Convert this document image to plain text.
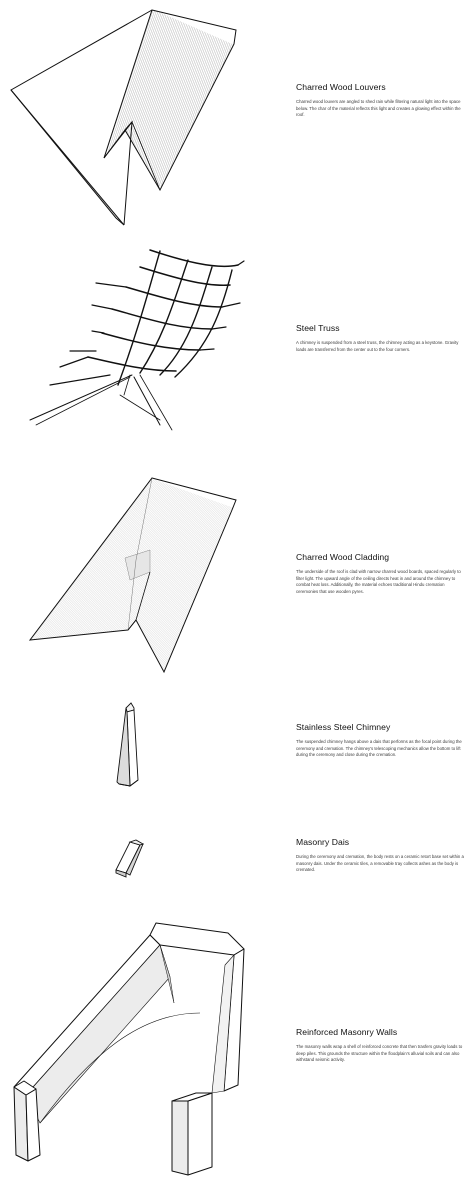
Charred Wood Louvers

Charred wood louvers are angled to shed rain while filtering natural light into the space below. The char of the material reflects this light and creates a glowing effect within the roof.

Steel Truss

A chimney is suspended from a steel truss, the chimney acting as a keystone. Gravity loads are transferred from the center out to the four corners.

Charred Wood Cladding

The underside of the roof is clad with narrow charred wood boards, spaced regularly to filter light. The upward angle of the ceiling directs heat in and around the chimney to combat heat loss. Additionally, the material echoes traditional Hindu cremation ceremonies that use wooden pyres.

Stainless Steel Chimney

The suspended chimney hangs above a dais that performs as the focal point during the ceremony and cremation. The chimney's telescoping mechanics allow the bottom to lift during the ceremony and close during the cremation.

Masonry Dais

During the ceremony and cremation, the body rests on a ceramic retort base set within a masonry dais. Under the ceramic tiles, a removable tray collects ashes as the body is cremated.

Reinforced Masonry Walls

The masonry walls wrap a shell of reinforced concrete that then trasfers gravity loads to deep piles. This grounds the structure within the floodplain's alluvial soils and can also withstand seismic activity.
